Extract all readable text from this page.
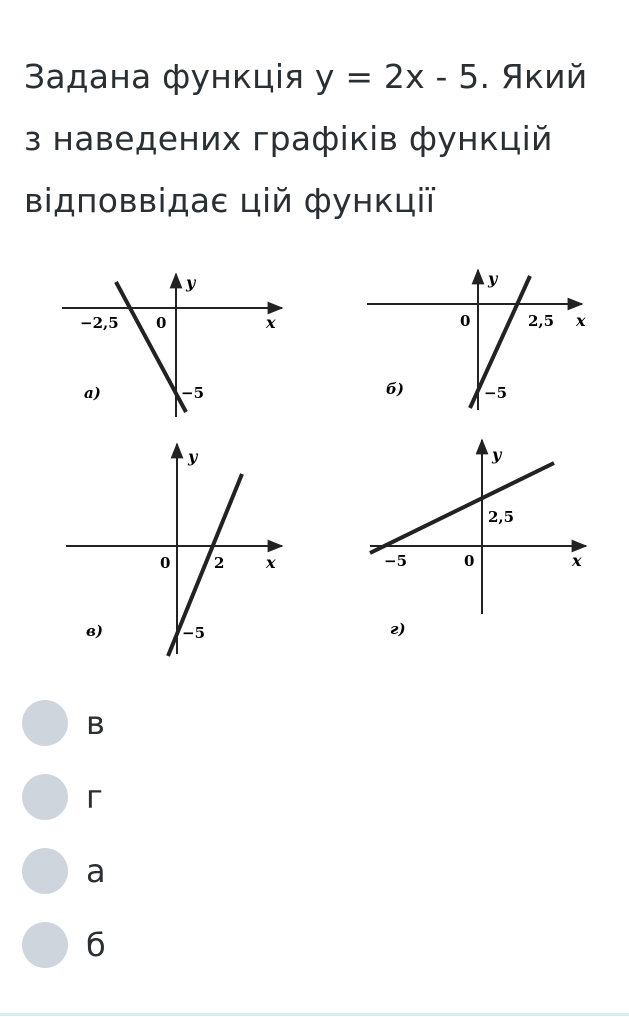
Задана функція у = 2х - 5. Який з наведених графіків функцій відповвідає цій функції
y
x
0
−2,5
−5
а)
y
x
0	2,5
−5
б)
y
x
0	2
−5
в)
y
x
0
−5
2,5
г)
в
г
а
б
